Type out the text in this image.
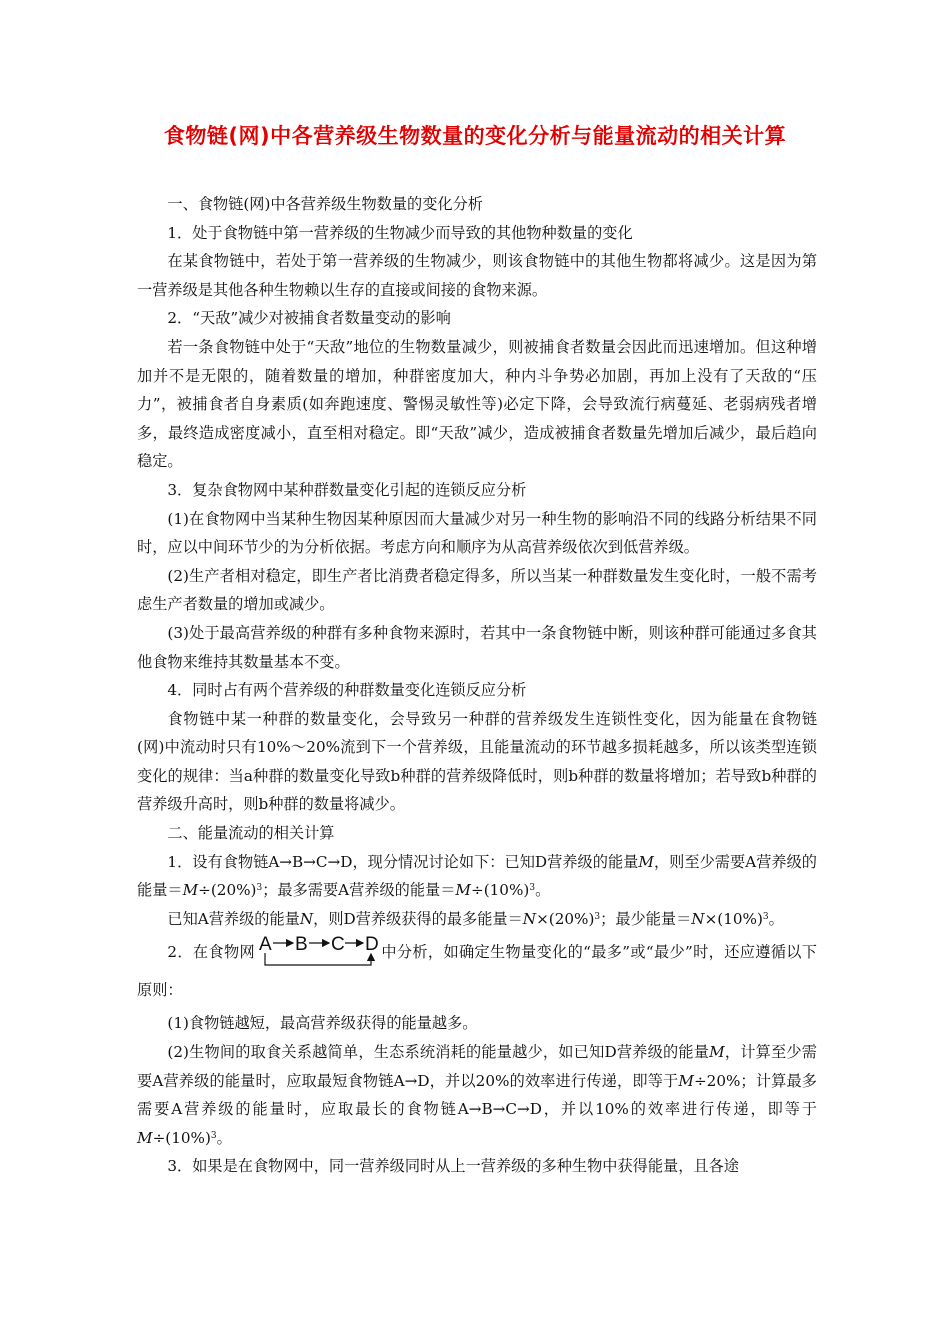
食物链(网)中各营养级生物数量的变化分析与能量流动的相关计算

一、食物链(网)中各营养级生物数量的变化分析

1．处于食物链中第一营养级的生物减少而导致的其他物种数量的变化

在某食物链中，若处于第一营养级的生物减少，则该食物链中的其他生物都将减少。这是因为第一营养级是其他各种生物赖以生存的直接或间接的食物来源。

2．“天敌”减少对被捕食者数量变动的影响

若一条食物链中处于“天敌”地位的生物数量减少，则被捕食者数量会因此而迅速增加。但这种增加并不是无限的，随着数量的增加，种群密度加大，种内斗争势必加剧，再加上没有了天敌的“压力”，被捕食者自身素质(如奔跑速度、警惕灵敏性等)必定下降，会导致流行病蔓延、老弱病残者增多，最终造成密度减小，直至相对稳定。即“天敌”减少，造成被捕食者数量先增加后减少，最后趋向稳定。

3．复杂食物网中某种群数量变化引起的连锁反应分析

(1)在食物网中当某种生物因某种原因而大量减少对另一种生物的影响沿不同的线路分析结果不同时，应以中间环节少的为分析依据。考虑方向和顺序为从高营养级依次到低营养级。

(2)生产者相对稳定，即生产者比消费者稳定得多，所以当某一种群数量发生变化时，一般不需考虑生产者数量的增加或减少。

(3)处于最高营养级的种群有多种食物来源时，若其中一条食物链中断，则该种群可能通过多食其他食物来维持其数量基本不变。

4．同时占有两个营养级的种群数量变化连锁反应分析

食物链中某一种群的数量变化，会导致另一种群的营养级发生连锁性变化，因为能量在食物链(网)中流动时只有10%～20%流到下一个营养级，且能量流动的环节越多损耗越多，所以该类型连锁变化的规律：当a种群的数量变化导致b种群的营养级降低时，则b种群的数量将增加；若导致b种群的营养级升高时，则b种群的数量将减少。

二、能量流动的相关计算

1．设有食物链A→B→C→D，现分情况讨论如下：已知D营养级的能量M，则至少需要A营养级的能量$=M\div(20\%)^3$；最多需要A营养级的能量$=M\div(10\%)^3$。

已知A营养级的能量N，则D营养级获得的最多能量$=N\times(20\%)^3$；最少能量$=N\times(10\%)^3$。

2．在食物网 A B C D 中分析，如确定生物量变化的“最多”或“最少”时，还应遵循以下原则：

(1)食物链越短，最高营养级获得的能量越多。

(2)生物间的取食关系越简单，生态系统消耗的能量越少，如已知D营养级的能量M，计算至少需要A营养级的能量时，应取最短食物链A→D，并以20%的效率进行传递，即等于M÷20%；计算最多需要A营养级的能量时，应取最长的食物链A→B→C→D，并以10%的效率进行传递，即等于$M\div(10\%)^3$。

3．如果是在食物网中，同一营养级同时从上一营养级的多种生物中获得能量，且各途
